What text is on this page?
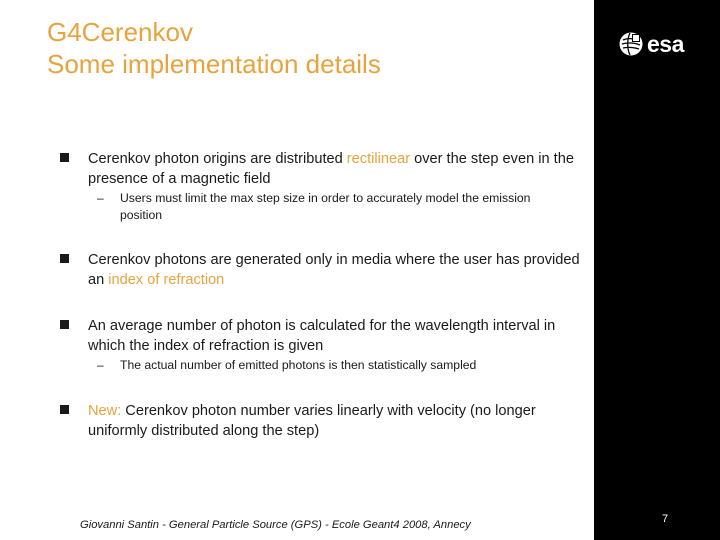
esa
G4Cerenkov
Some implementation details
Cerenkov photon origins are distributed rectilinear over the step even in the presence of a magnetic field
– Users must limit the max step size in order to accurately model the emission position
Cerenkov photons are generated only in media where the user has provided an index of refraction
An average number of photon is calculated for the wavelength interval in which the index of refraction is given
– The actual number of emitted photons is then statistically sampled
New: Cerenkov photon number varies linearly with velocity (no longer uniformly distributed along the step)
Giovanni Santin - General Particle Source (GPS) - Ecole Geant4 2008, Annecy	7
